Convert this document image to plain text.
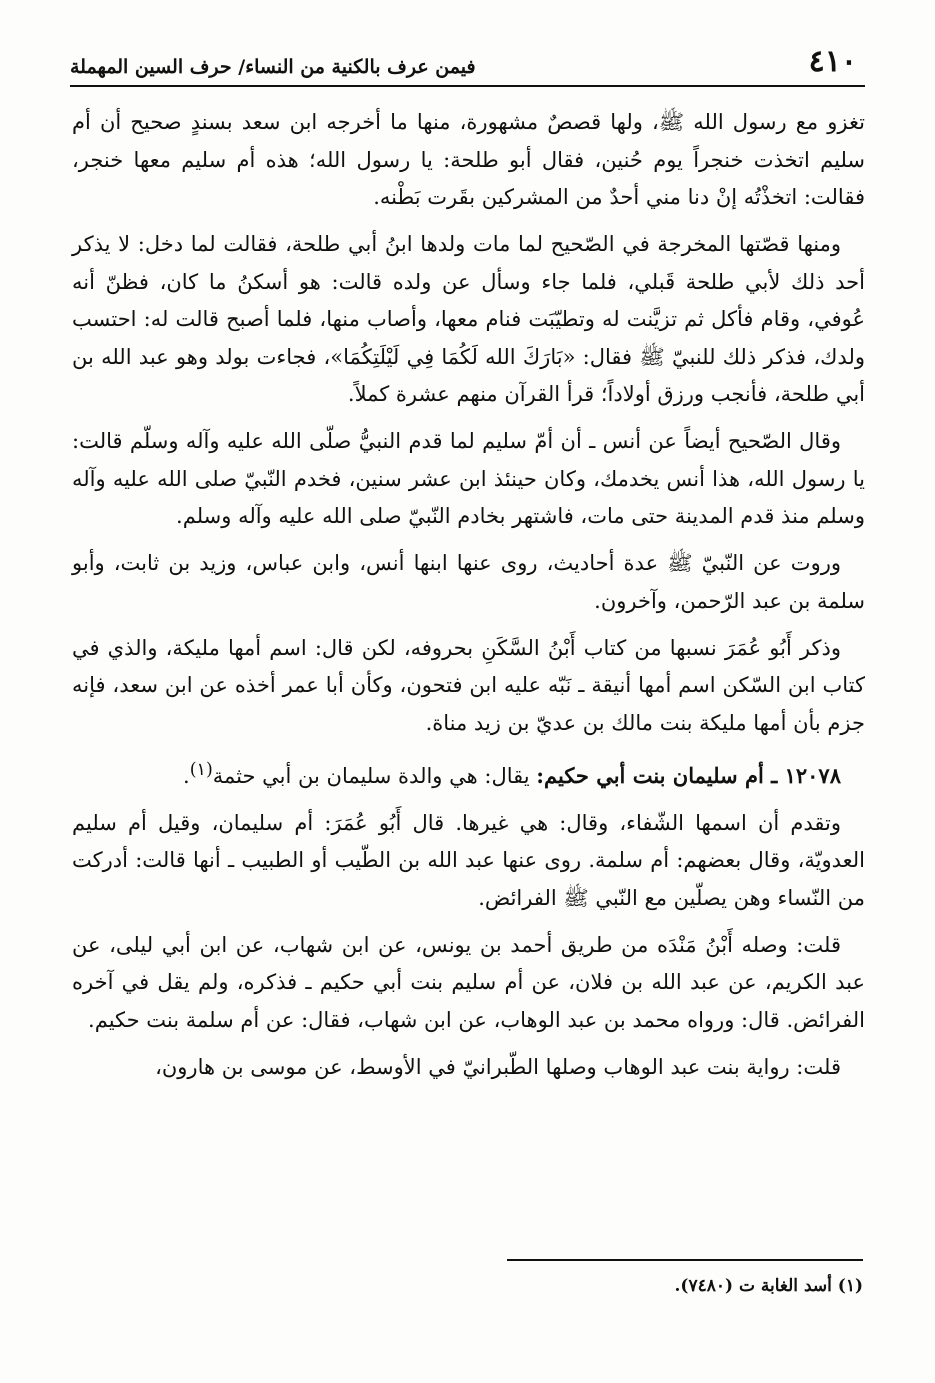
٤١٠
فيمن عرف بالكنية من النساء/ حرف السين المهملة

تغزو مع رسول الله ﷺ، ولها قصصٌ مشهورة، منها ما أخرجه ابن سعد بسندٍ صحيح أن أم سليم اتخذت خنجراً يوم حُنين، فقال أبو طلحة: يا رسول الله؛ هذه أم سليم معها خنجر، فقالت: اتخذْتُه إنْ دنا مني أحدٌ من المشركين بقَرت بَطْنه.

ومنها قصّتها المخرجة في الصّحيح لما مات ولدها ابنُ أبي طلحة، فقالت لما دخل: لا يذكر أحد ذلك لأبي طلحة قَبلي، فلما جاء وسأل عن ولده قالت: هو أسكنُ ما كان، فظنّ أنه عُوفي، وقام فأكل ثم تزيَّنت له وتطيّبَت فنام معها، وأصاب منها، فلما أصبح قالت له: احتسب ولدك، فذكر ذلك للنبيّ ﷺ فقال: «بَارَكَ الله لَكُمَا فِي لَيْلَتِكُمَا»، فجاءت بولد وهو عبد الله بن أبي طلحة، فأنجب ورزق أولاداً؛ قرأ القرآن منهم عشرة كملاً.

وقال الصّحيح أيضاً عن أنس ـ أن أمّ سليم لما قدم النبيُّ صلّى الله عليه وآله وسلّم قالت: يا رسول الله، هذا أنس يخدمك، وكان حينئذ ابن عشر سنين، فخدم النّبيّ صلى الله عليه وآله وسلم منذ قدم المدينة حتى مات، فاشتهر بخادم النّبيّ صلى الله عليه وآله وسلم.

وروت عن النّبيّ ﷺ عدة أحاديث، روى عنها ابنها أنس، وابن عباس، وزيد بن ثابت، وأبو سلمة بن عبد الرّحمن، وآخرون.

وذكر أَبُو عُمَرَ نسبها من كتاب أَبْنُ السَّكَنِ بحروفه، لكن قال: اسم أمها مليكة، والذي في كتاب ابن السّكن اسم أمها أنيقة ـ نَبّه عليه ابن فتحون، وكأن أبا عمر أخذه عن ابن سعد، فإنه جزم بأن أمها مليكة بنت مالك بن عديّ بن زيد مناة.

١٢٠٧٨ ـ أم سليمان بنت أبي حكيم: يقال: هي والدة سليمان بن أبي حثمة$^{(١)}$.

وتقدم أن اسمها الشّفاء، وقال: هي غيرها. قال أَبُو عُمَرَ: أم سليمان، وقيل أم سليم العدويّة، وقال بعضهم: أم سلمة. روى عنها عبد الله بن الطّيب أو الطبيب ـ أنها قالت: أدركت من النّساء وهن يصلّين مع النّبي ﷺ الفرائض.

قلت: وصله أَبْنُ مَنْدَه من طريق أحمد بن يونس، عن ابن شهاب، عن ابن أبي ليلى، عن عبد الكريم، عن عبد الله بن فلان، عن أم سليم بنت أبي حكيم ـ فذكره، ولم يقل في آخره الفرائض. قال: ورواه محمد بن عبد الوهاب، عن ابن شهاب، فقال: عن أم سلمة بنت حكيم.

قلت: رواية بنت عبد الوهاب وصلها الطّبرانيّ في الأوسط، عن موسى بن هارون،

(١) أسد الغابة ت (٧٤٨٠).
